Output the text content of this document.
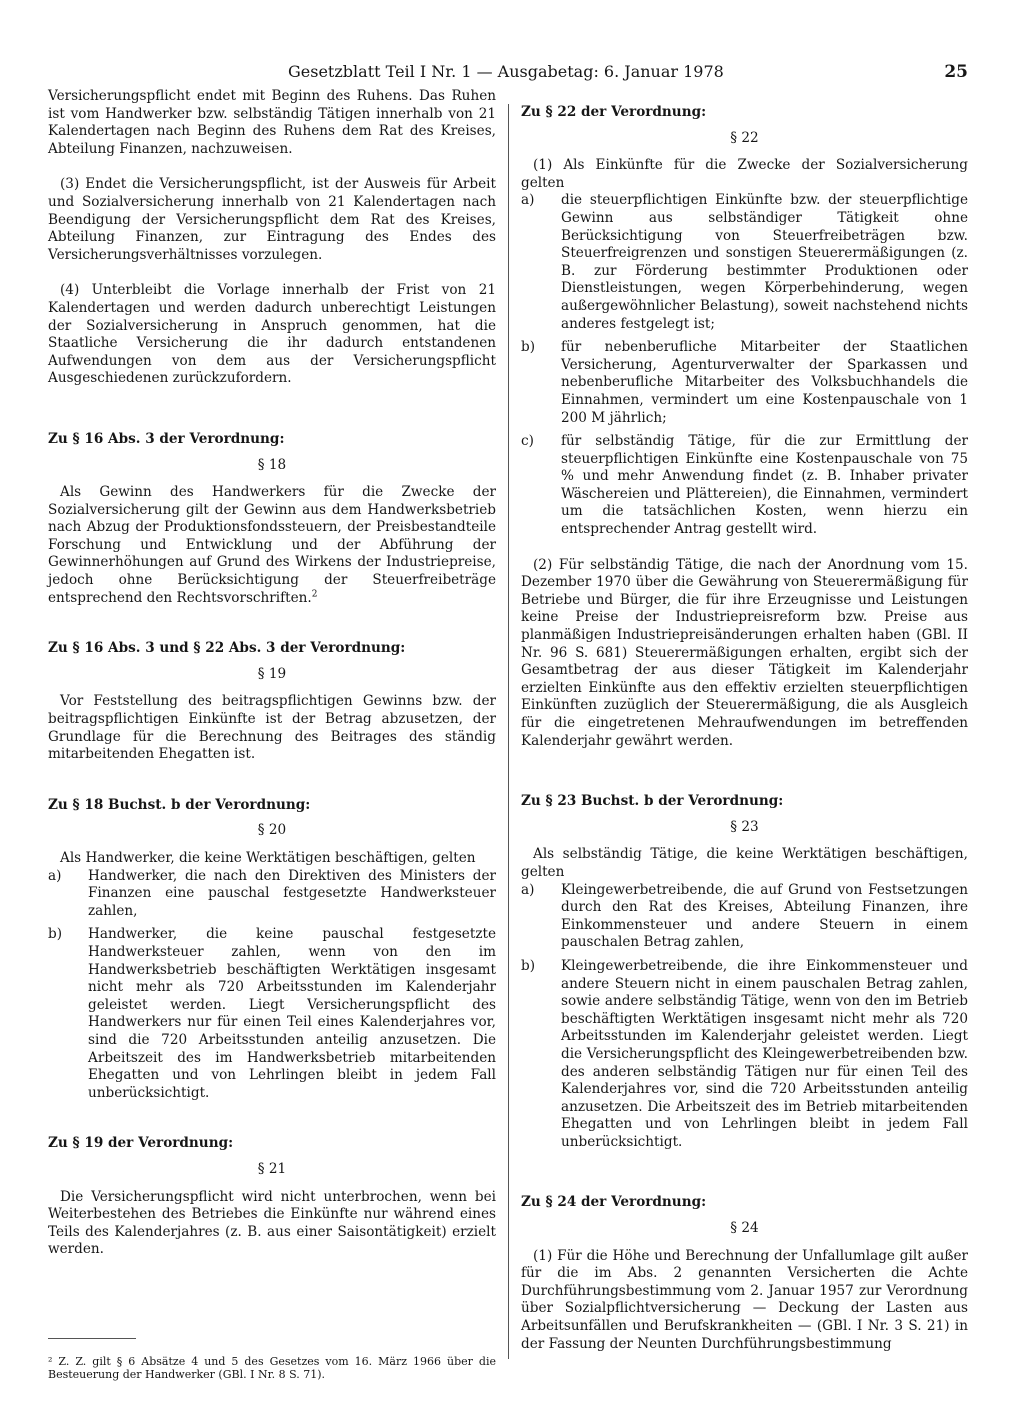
Gesetzblatt Teil I Nr. 1 — Ausgabetag: 6. Januar 1978	25

Versicherungspflicht endet mit Beginn des Ruhens. Das Ruhen ist vom Handwerker bzw. selbständig Tätigen innerhalb von 21 Kalendertagen nach Beginn des Ruhens dem Rat des Kreises, Abteilung Finanzen, nachzuweisen.

(3) Endet die Versicherungspflicht, ist der Ausweis für Arbeit und Sozialversicherung innerhalb von 21 Kalendertagen nach Beendigung der Versicherungspflicht dem Rat des Kreises, Abteilung Finanzen, zur Eintragung des Endes des Versicherungsverhältnisses vorzulegen.

(4) Unterbleibt die Vorlage innerhalb der Frist von 21 Kalendertagen und werden dadurch unberechtigt Leistungen der Sozialversicherung in Anspruch genommen, hat die Staatliche Versicherung die ihr dadurch entstandenen Aufwendungen von dem aus der Versicherungspflicht Ausgeschiedenen zurückzufordern.

Zu § 16 Abs. 3 der Verordnung:

§ 18

Als Gewinn des Handwerkers für die Zwecke der Sozialversicherung gilt der Gewinn aus dem Handwerksbetrieb nach Abzug der Produktionsfondssteuern, der Preisbestandteile Forschung und Entwicklung und der Abführung der Gewinnerhöhungen auf Grund des Wirkens der Industriepreise, jedoch ohne Berücksichtigung der Steuerfreibeträge entsprechend den Rechtsvorschriften.$^2$

Zu § 16 Abs. 3 und § 22 Abs. 3 der Verordnung:

§ 19

Vor Feststellung des beitragspflichtigen Gewinns bzw. der beitragspflichtigen Einkünfte ist der Betrag abzusetzen, der Grundlage für die Berechnung des Beitrages des ständig mitarbeitenden Ehegatten ist.

Zu § 18 Buchst. b der Verordnung:

§ 20

Als Handwerker, die keine Werktätigen beschäftigen, gelten

a)	Handwerker, die nach den Direktiven des Ministers der Finanzen eine pauschal festgesetzte Handwerksteuer zahlen,
b)	Handwerker, die keine pauschal festgesetzte Handwerksteuer zahlen, wenn von den im Handwerksbetrieb beschäftigten Werktätigen insgesamt nicht mehr als 720 Arbeitsstunden im Kalenderjahr geleistet werden. Liegt Versicherungspflicht des Handwerkers nur für einen Teil eines Kalenderjahres vor, sind die 720 Arbeitsstunden anteilig anzusetzen. Die Arbeitszeit des im Handwerksbetrieb mitarbeitenden Ehegatten und von Lehrlingen bleibt in jedem Fall unberücksichtigt.

Zu § 19 der Verordnung:

§ 21

Die Versicherungspflicht wird nicht unterbrochen, wenn bei Weiterbestehen des Betriebes die Einkünfte nur während eines Teils des Kalenderjahres (z. B. aus einer Saisontätigkeit) erzielt werden.

Zu § 22 der Verordnung:

§ 22

(1) Als Einkünfte für die Zwecke der Sozialversicherung gelten

a)	die steuerpflichtigen Einkünfte bzw. der steuerpflichtige Gewinn aus selbständiger Tätigkeit ohne Berücksichtigung von Steuerfreibeträgen bzw. Steuerfreigrenzen und sonstigen Steuerermäßigungen (z. B. zur Förderung bestimmter Produktionen oder Dienstleistungen, wegen Körperbehinderung, wegen außergewöhnlicher Belastung), soweit nachstehend nichts anderes festgelegt ist;
b)	für nebenberufliche Mitarbeiter der Staatlichen Versicherung, Agenturverwalter der Sparkassen und nebenberufliche Mitarbeiter des Volksbuchhandels die Einnahmen, vermindert um eine Kostenpauschale von 1 200 M jährlich;
c)	für selbständig Tätige, für die zur Ermittlung der steuerpflichtigen Einkünfte eine Kostenpauschale von 75 % und mehr Anwendung findet (z. B. Inhaber privater Wäschereien und Plättereien), die Einnahmen, vermindert um die tatsächlichen Kosten, wenn hierzu ein entsprechender Antrag gestellt wird.

(2) Für selbständig Tätige, die nach der Anordnung vom 15. Dezember 1970 über die Gewährung von Steuerermäßigung für Betriebe und Bürger, die für ihre Erzeugnisse und Leistungen keine Preise der Industriepreisreform bzw. Preise aus planmäßigen Industriepreisänderungen erhalten haben (GBl. II Nr. 96 S. 681) Steuerermäßigungen erhalten, ergibt sich der Gesamtbetrag der aus dieser Tätigkeit im Kalenderjahr erzielten Einkünfte aus den effektiv erzielten steuerpflichtigen Einkünften zuzüglich der Steuerermäßigung, die als Ausgleich für die eingetretenen Mehraufwendungen im betreffenden Kalenderjahr gewährt werden.

Zu § 23 Buchst. b der Verordnung:

§ 23

Als selbständig Tätige, die keine Werktätigen beschäftigen, gelten

a)	Kleingewerbetreibende, die auf Grund von Festsetzungen durch den Rat des Kreises, Abteilung Finanzen, ihre Einkommensteuer und andere Steuern in einem pauschalen Betrag zahlen,
b)	Kleingewerbetreibende, die ihre Einkommensteuer und andere Steuern nicht in einem pauschalen Betrag zahlen, sowie andere selbständig Tätige, wenn von den im Betrieb beschäftigten Werktätigen insgesamt nicht mehr als 720 Arbeitsstunden im Kalenderjahr geleistet werden. Liegt die Versicherungspflicht des Kleingewerbetreibenden bzw. des anderen selbständig Tätigen nur für einen Teil des Kalenderjahres vor, sind die 720 Arbeitsstunden anteilig anzusetzen. Die Arbeitszeit des im Betrieb mitarbeitenden Ehegatten und von Lehrlingen bleibt in jedem Fall unberücksichtigt.

Zu § 24 der Verordnung:

§ 24

(1) Für die Höhe und Berechnung der Unfallumlage gilt außer für die im Abs. 2 genannten Versicherten die Achte Durchführungsbestimmung vom 2. Januar 1957 zur Verordnung über Sozialpflichtversicherung — Deckung der Lasten aus Arbeitsunfällen und Berufskrankheiten — (GBl. I Nr. 3 S. 21) in der Fassung der Neunten Durchführungsbestimmung

² Z. Z. gilt § 6 Absätze 4 und 5 des Gesetzes vom 16. März 1966 über die Besteuerung der Handwerker (GBl. I Nr. 8 S. 71).
